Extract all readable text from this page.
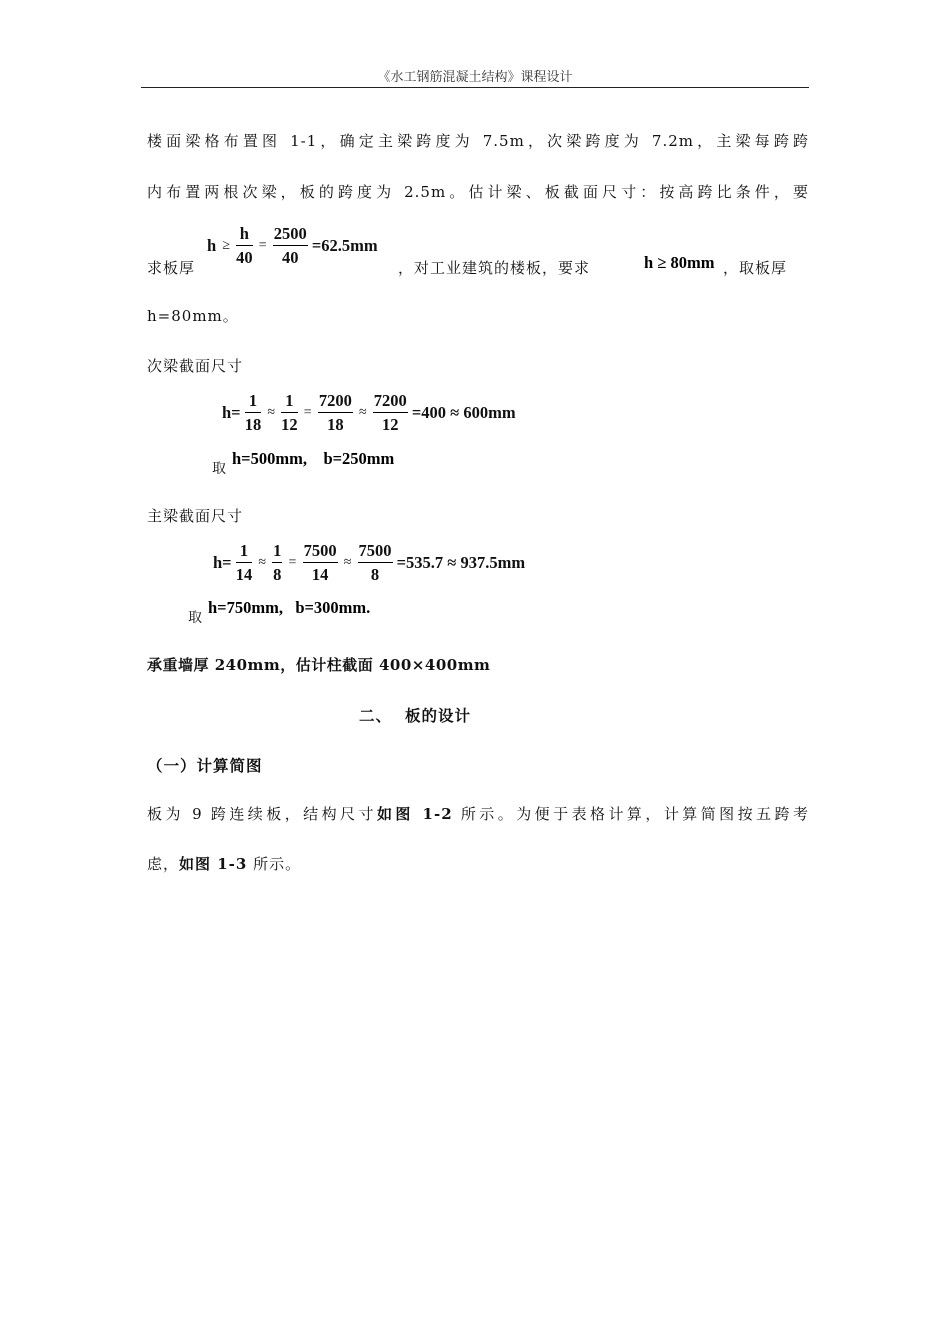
《水工钢筋混凝土结构》课程设计
楼面梁格布置图 1-1，确定主梁跨度为 7.5m，次梁跨度为 7.2m，主梁每跨跨
内布置两根次梁，板的跨度为 2.5m。估计梁、板截面尺寸：按高跨比条件，要
求板厚
$h \ge \frac{h}{40} = \frac{2500}{40} =62.5mm$
，对工业建筑的楼板，要求	h ≥ 80mm ，取板厚
h=80mm。
次梁截面尺寸
$h= \frac{1}{18} \approx \frac{1}{12} = \frac{7200}{18} \approx \frac{7200}{12} =400 \approx 600mm$
取
h=500mm,    b=250mm
主梁截面尺寸
$h= \frac{1}{14} \approx \frac{1}{8} = \frac{7500}{14} \approx \frac{7500}{8} =535.7 \approx 937.5mm$
取
h=750mm,   b=300mm.
承重墙厚 240mm，估计柱截面 400×400mm
二、 板的设计
（一）计算简图
板为 9 跨连续板，结构尺寸如图 1-2 所示。为便于表格计算，计算简图按五跨考
虑，如图 1-3 所示。
